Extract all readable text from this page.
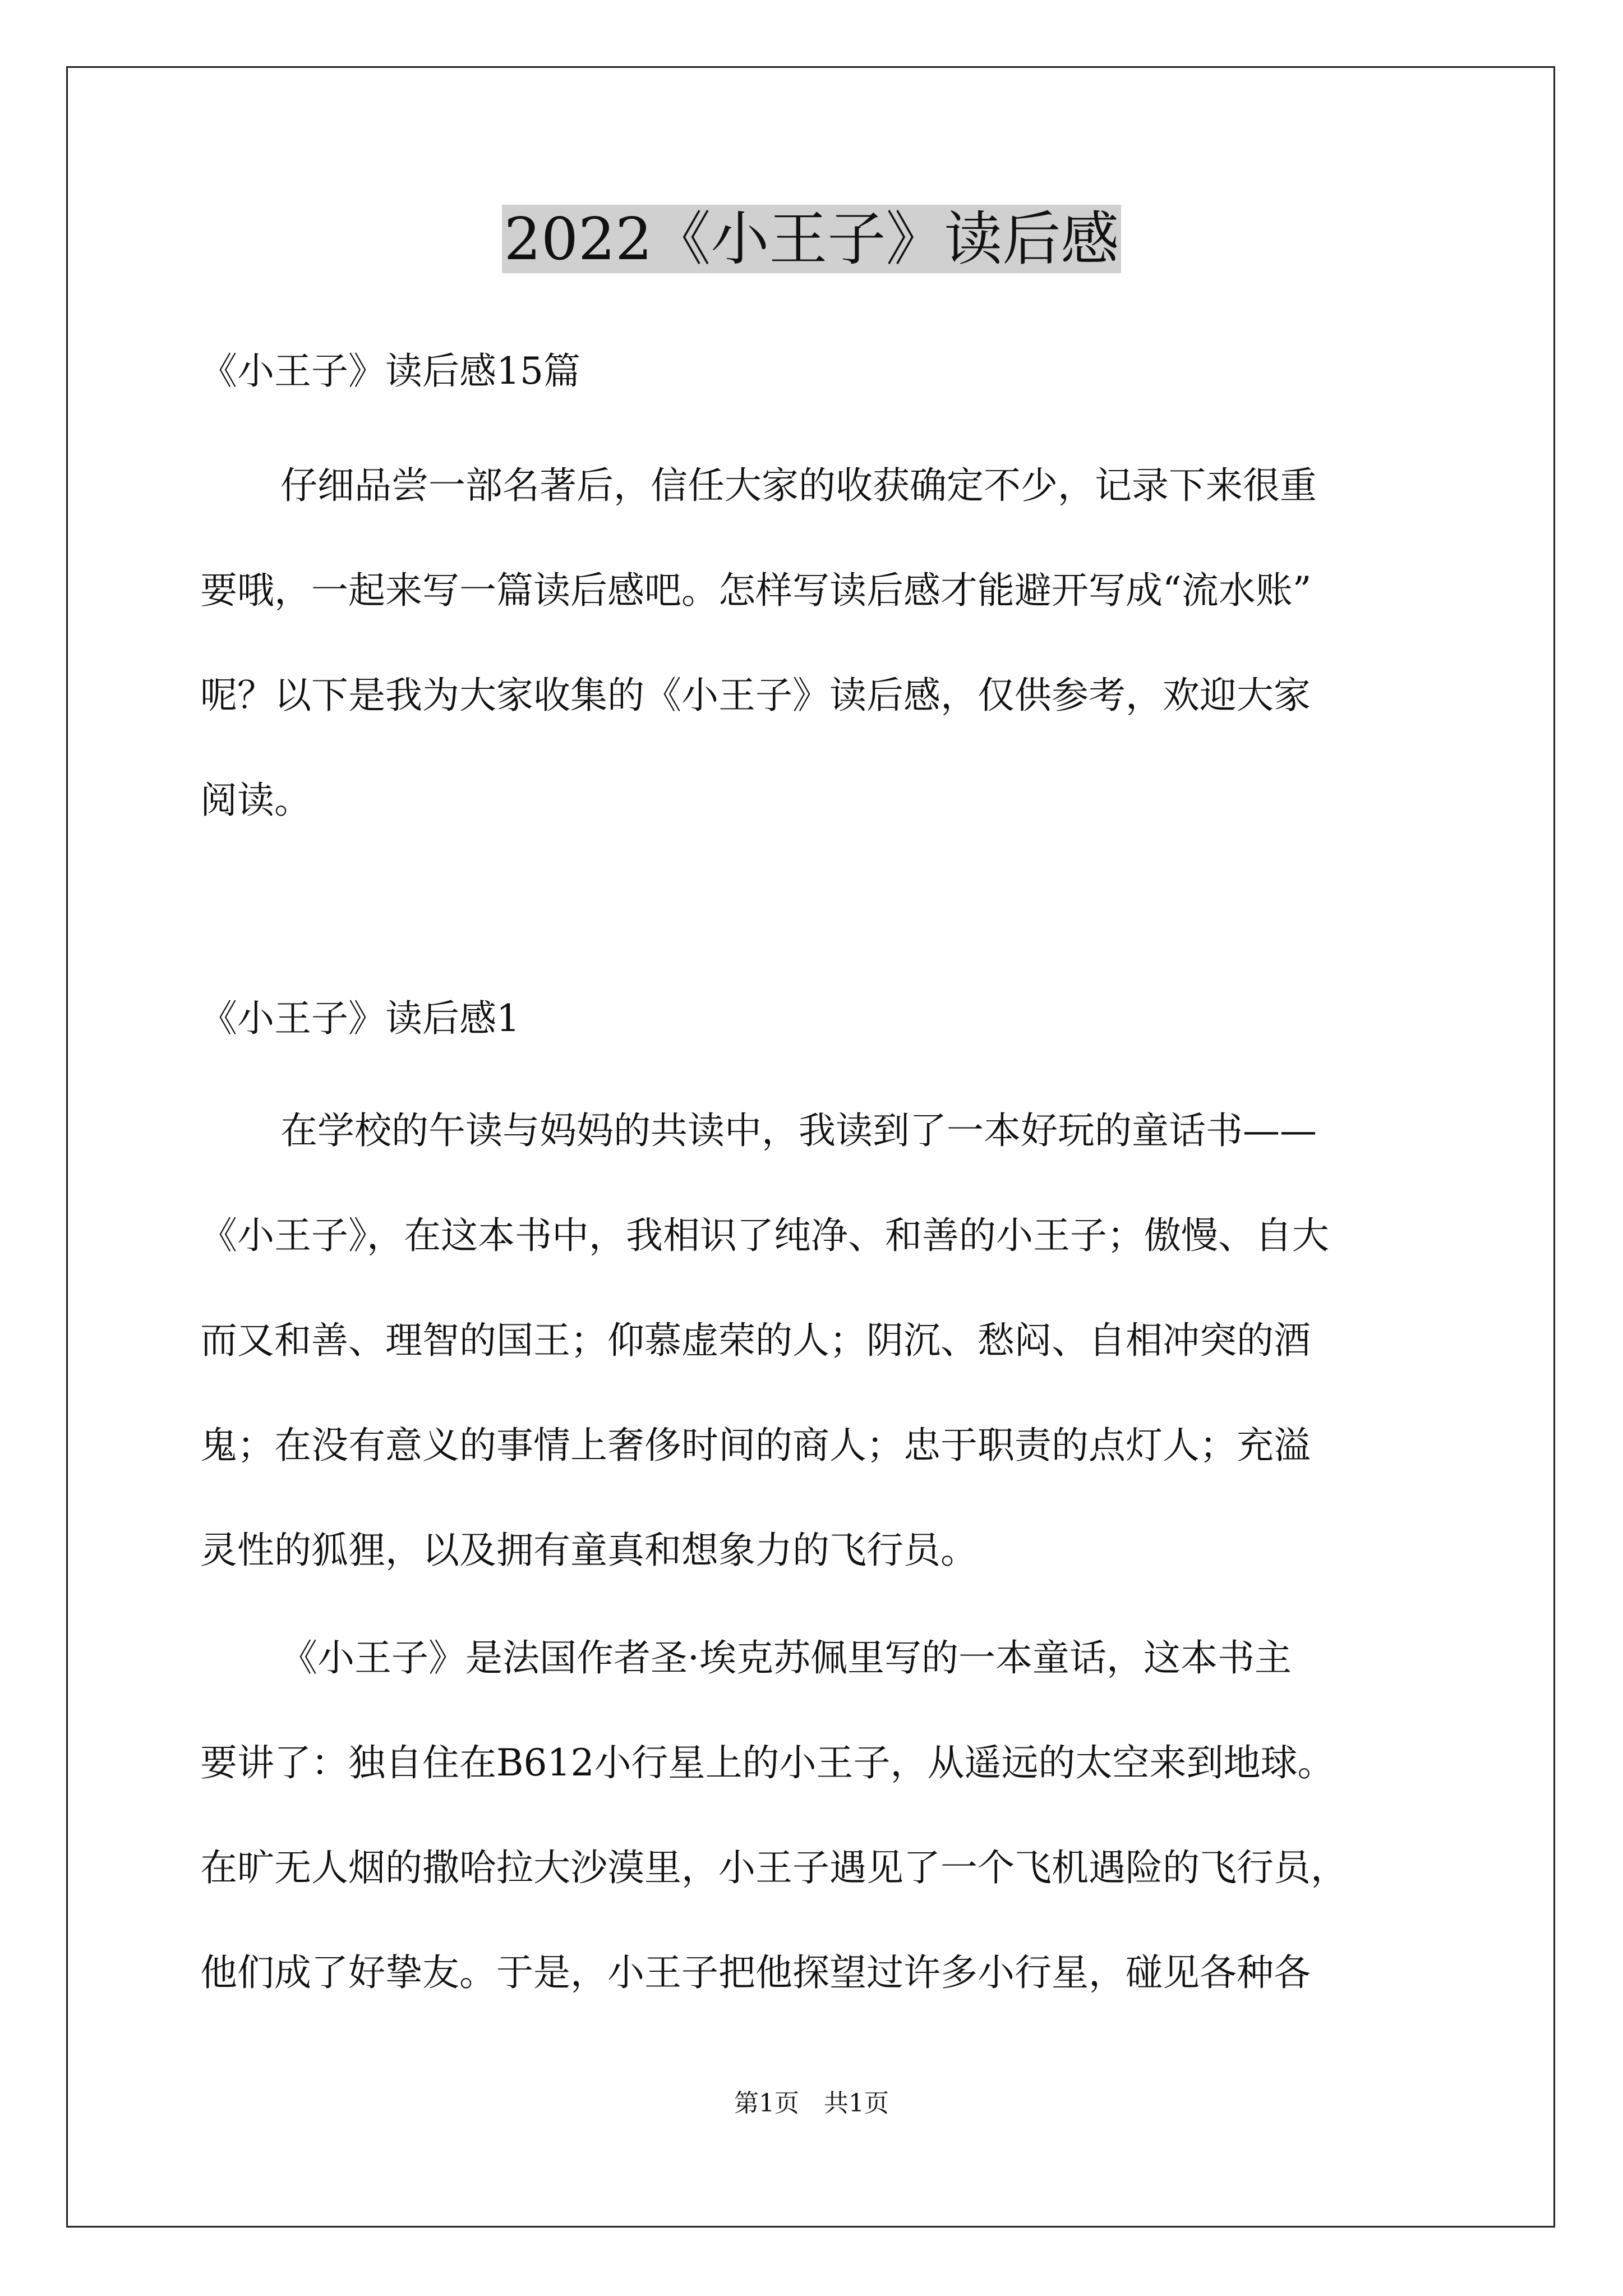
2022《小王子》读后感
《小王子》读后感15篇
仔细品尝一部名著后，信任大家的收获确定不少，记录下来很重
要哦，一起来写一篇读后感吧。怎样写读后感才能避开写成“流水账”
呢？以下是我为大家收集的《小王子》读后感，仅供参考，欢迎大家
阅读。
《小王子》读后感1
在学校的午读与妈妈的共读中，我读到了一本好玩的童话书——
《小王子》，在这本书中，我相识了纯净、和善的小王子；傲慢、自大
而又和善、理智的国王；仰慕虚荣的人；阴沉、愁闷、自相冲突的酒
鬼；在没有意义的事情上奢侈时间的商人；忠于职责的点灯人；充溢
灵性的狐狸，以及拥有童真和想象力的飞行员。
《小王子》是法国作者圣·埃克苏佩里写的一本童话，这本书主
要讲了：独自住在B612小行星上的小王子，从遥远的太空来到地球。
在旷无人烟的撒哈拉大沙漠里，小王子遇见了一个飞机遇险的飞行员，
他们成了好挚友。于是，小王子把他探望过许多小行星，碰见各种各
第1页　共1页
